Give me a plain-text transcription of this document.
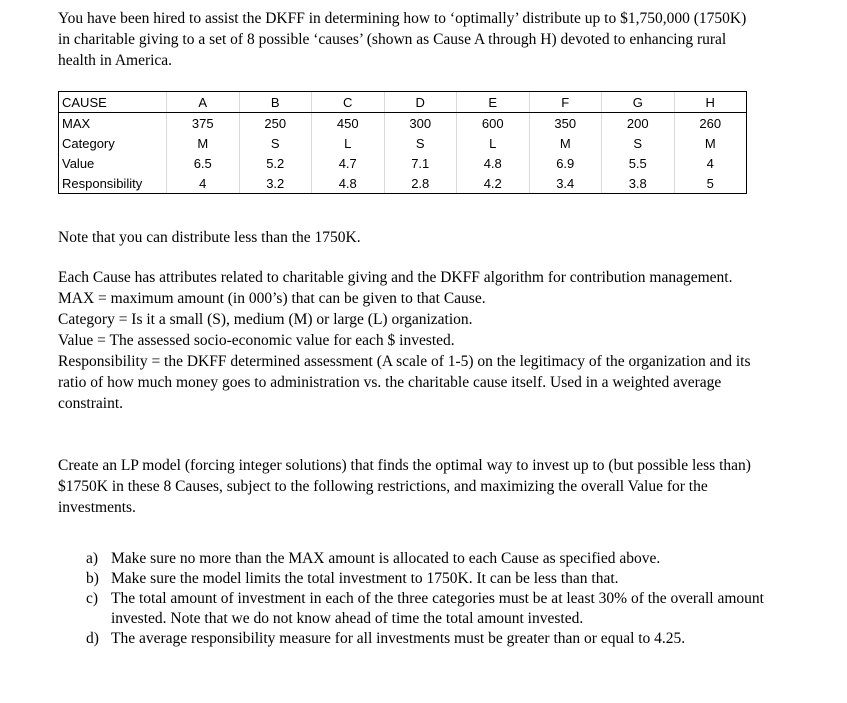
You have been hired to assist the DKFF in determining how to ‘optimally’ distribute up to $1,750,000 (1750K) in charitable giving to a set of 8 possible ‘causes’ (shown as Cause A through H) devoted to enhancing rural health in America.

CAUSE	A	B	C	D	E	F	G	H
MAX	375	250	450	300	600	350	200	260
Category	M	S	L	S	L	M	S	M
Value	6.5	5.2	4.7	7.1	4.8	6.9	5.5	4
Responsibility	4	3.2	4.8	2.8	4.2	3.4	3.8	5

Note that you can distribute less than the 1750K.

Each Cause has attributes related to charitable giving and the DKFF algorithm for contribution management.
MAX = maximum amount (in 000’s) that can be given to that Cause.
Category = Is it a small (S), medium (M) or large (L) organization.
Value = The assessed socio-economic value for each $ invested.
Responsibility = the DKFF determined assessment (A scale of 1-5) on the legitimacy of the organization and its ratio of how much money goes to administration vs. the charitable cause itself. Used in a weighted average constraint.

Create an LP model (forcing integer solutions) that finds the optimal way to invest up to (but possible less than) $1750K in these 8 Causes, subject to the following restrictions, and maximizing the overall Value for the investments.

a) Make sure no more than the MAX amount is allocated to each Cause as specified above.
b) Make sure the model limits the total investment to 1750K. It can be less than that.
c) The total amount of investment in each of the three categories must be at least 30% of the overall amount invested. Note that we do not know ahead of time the total amount invested.
d) The average responsibility measure for all investments must be greater than or equal to 4.25.
